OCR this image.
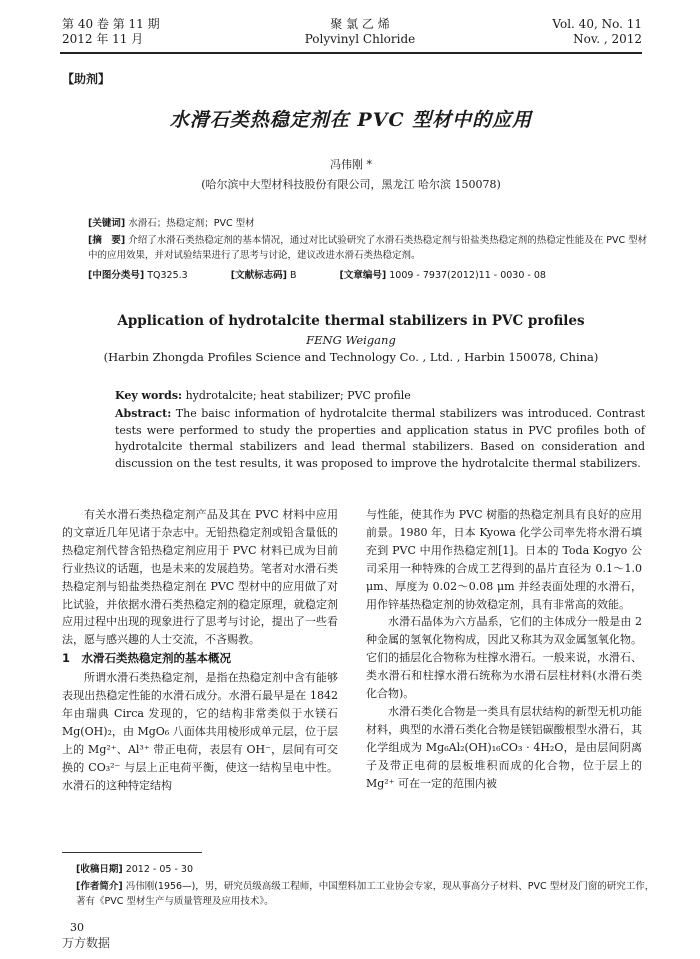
第 40 卷 第 11 期
2012 年 11 月
聚 氯 乙 烯
Polyvinyl Chloride
Vol. 40, No. 11
Nov. , 2012
【助剂】
水滑石类热稳定剂在 PVC 型材中的应用
冯伟刚 *
(哈尔滨中大型材科技股份有限公司，黑龙江 哈尔滨 150078)
[关键词] 水滑石；热稳定剂；PVC 型材
[摘　要] 介绍了水滑石类热稳定剂的基本情况，通过对比试验研究了水滑石类热稳定剂与铅盐类热稳定剂的热稳定性能及在 PVC 型材中的应用效果，并对试验结果进行了思考与讨论，建议改进水滑石类热稳定剂。
[中图分类号] TQ325.3	[文献标志码] B	[文章编号] 1009 - 7937(2012)11 - 0030 - 08
Application of hydrotalcite thermal stabilizers in PVC profiles
FENG Weigang
(Harbin Zhongda Profiles Science and Technology Co. , Ltd. , Harbin 150078, China)
Key words: hydrotalcite; heat stabilizer; PVC profile
Abstract: The baisc information of hydrotalcite thermal stabilizers was introduced. Contrast tests were performed to study the properties and application status in PVC profiles both of hydrotalcite thermal stabilizers and lead thermal stabilizers. Based on consideration and discussion on the test results, it was proposed to improve the hydrotalcite thermal stabilizers.

有关水滑石类热稳定剂产品及其在 PVC 材料中应用的文章近几年见诸于杂志中。无铅热稳定剂或铅含量低的热稳定剂代替含铅热稳定剂应用于 PVC 材料已成为目前行业热议的话题，也是未来的发展趋势。笔者对水滑石类热稳定剂与铅盐类热稳定剂在 PVC 型材中的应用做了对比试验，并依据水滑石类热稳定剂的稳定原理，就稳定剂应用过程中出现的现象进行了思考与讨论，提出了一些看法，愿与感兴趣的人士交流，不吝赐教。

1　水滑石类热稳定剂的基本概况

所谓水滑石类热稳定剂，是指在热稳定剂中含有能够表现出热稳定性能的水滑石成分。水滑石最早是在 1842 年由瑞典 Circa 发现的，它的结构非常类似于水镁石 Mg(OH)₂，由 MgO₆ 八面体共用棱形成单元层，位于层上的 Mg²⁺、Al³⁺ 带正电荷，表层有 OH⁻，层间有可交换的 CO₃²⁻ 与层上正电荷平衡，使这一结构呈电中性。水滑石的这种特定结构

与性能，使其作为 PVC 树脂的热稳定剂具有良好的应用前景。1980 年，日本 Kyowa 化学公司率先将水滑石填充到 PVC 中用作热稳定剂[1]。日本的 Toda Kogyo 公司采用一种特殊的合成工艺得到的晶片直径为 0.1～1.0 μm、厚度为 0.02～0.08 μm 并经表面处理的水滑石，用作锌基热稳定剂的协效稳定剂，具有非常高的效能。

水滑石晶体为六方晶系，它们的主体成分一般是由 2 种金属的氢氧化物构成，因此又称其为双金属氢氧化物。它们的插层化合物称为柱撑水滑石。一般来说，水滑石、类水滑石和柱撑水滑石统称为水滑石层柱材料(水滑石类化合物)。

水滑石类化合物是一类具有层状结构的新型无机功能材料，典型的水滑石类化合物是镁铝碳酸根型水滑石，其化学组成为 Mg₆Al₂(OH)₁₆CO₃ · 4H₂O，是由层间阴离子及带正电荷的层板堆积而成的化合物，位于层上的 Mg²⁺ 可在一定的范围内被

[收稿日期] 2012 - 05 - 30
[作者简介] 冯伟刚(1956—)，男，研究员级高级工程师，中国塑料加工工业协会专家，现从事高分子材料、PVC 型材及门窗的研究工作，著有《PVC 型材生产与质量管理及应用技术》。
30
万方数据
